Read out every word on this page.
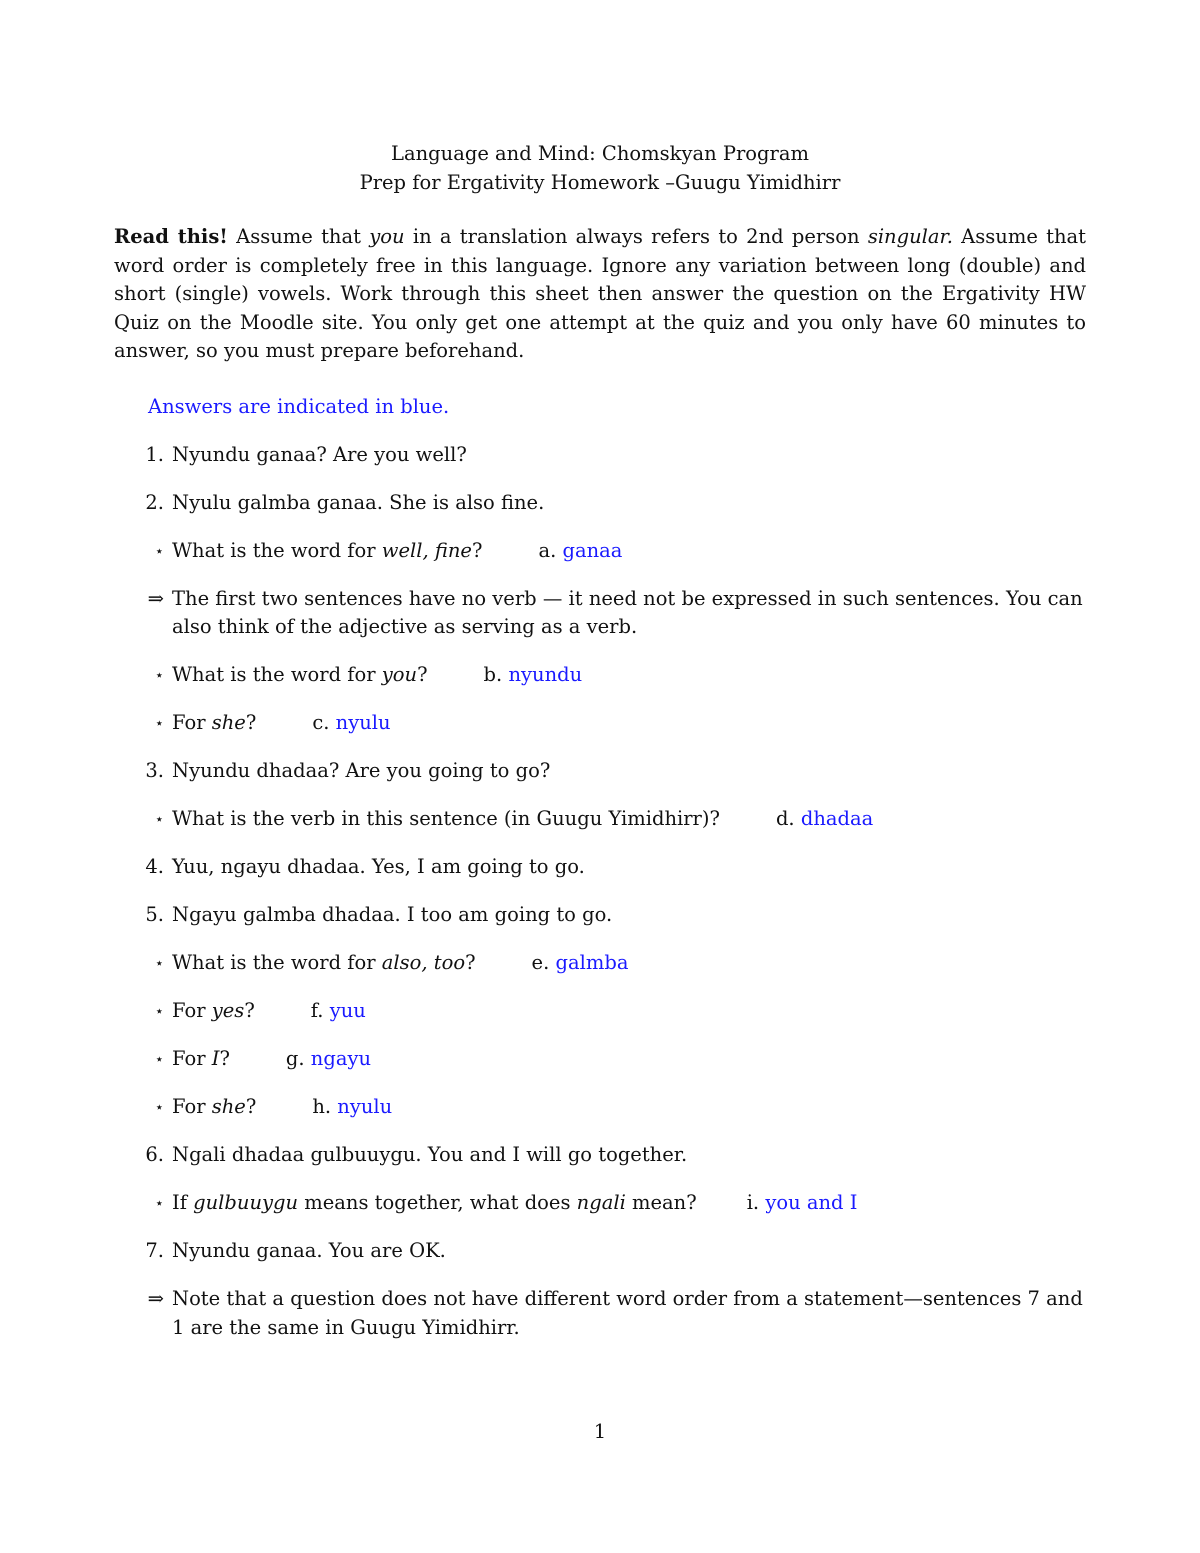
Language and Mind: Chomskyan Program

Prep for Ergativity Homework –Guugu Yimidhirr

Read this! Assume that you in a translation always refers to 2nd person singular. Assume that word order is completely free in this language. Ignore any variation between long (double) and short (single) vowels. Work through this sheet then answer the question on the Ergativity HW Quiz on the Moodle site. You only get one attempt at the quiz and you only have 60 minutes to answer, so you must prepare beforehand.
Answers are indicated in blue.
1. Nyundu ganaa? Are you well?
2. Nyulu galmba ganaa. She is also fine.
⋆ What is the word for well, fine?	a. ganaa
⇒ The first two sentences have no verb — it need not be expressed in such sentences. You can also think of the adjective as serving as a verb.
⋆ What is the word for you?	b. nyundu
⋆ For she?	c. nyulu
3. Nyundu dhadaa? Are you going to go?
⋆ What is the verb in this sentence (in Guugu Yimidhirr)?	d. dhadaa
4. Yuu, ngayu dhadaa. Yes, I am going to go.
5. Ngayu galmba dhadaa. I too am going to go.
⋆ What is the word for also, too?	e. galmba
⋆ For yes?	f. yuu
⋆ For I?	g. ngayu
⋆ For she?	h. nyulu
6. Ngali dhadaa gulbuuygu. You and I will go together.
⋆ If gulbuuygu means together, what does ngali mean?	i. you and I
7. Nyundu ganaa. You are OK.
⇒ Note that a question does not have different word order from a statement—sentences 7 and 1 are the same in Guugu Yimidhirr.
1
